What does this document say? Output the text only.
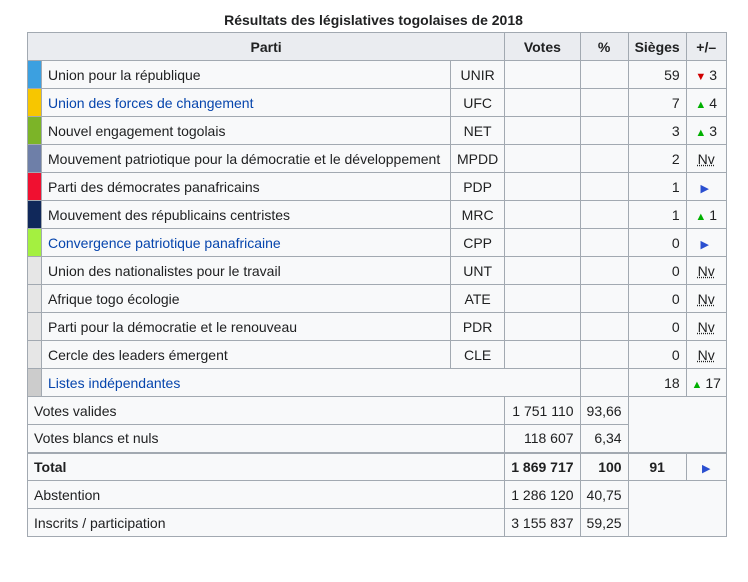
Résultats des législatives togolaises de 2018
Parti			Votes	%	Sièges	+/–
	Union pour la république	UNIR			59	▼ 3
	Union des forces de changement	UFC			7	▲ 4
	Nouvel engagement togolais	NET			3	▲ 3
	Mouvement patriotique pour la démocratie et le développement	MPDD			2	Nv
	Parti des démocrates panafricains	PDP			1	▶
	Mouvement des républicains centristes	MRC			1	▲ 1
	Convergence patriotique panafricaine	CPP			0	▶
	Union des nationalistes pour le travail	UNT			0	Nv
	Afrique togo écologie	ATE			0	Nv
	Parti pour la démocratie et le renouveau	PDR			0	Nv
	Cercle des leaders émergent	CLE			0	Nv
	Listes indépendantes				18	▲ 17
Votes valides			1 751 110	93,66		
Votes blancs et nuls			118 607	6,34		
Total			1 869 717	100	91	▶
Abstention			1 286 120	40,75		
Inscrits / participation			3 155 837	59,25		
